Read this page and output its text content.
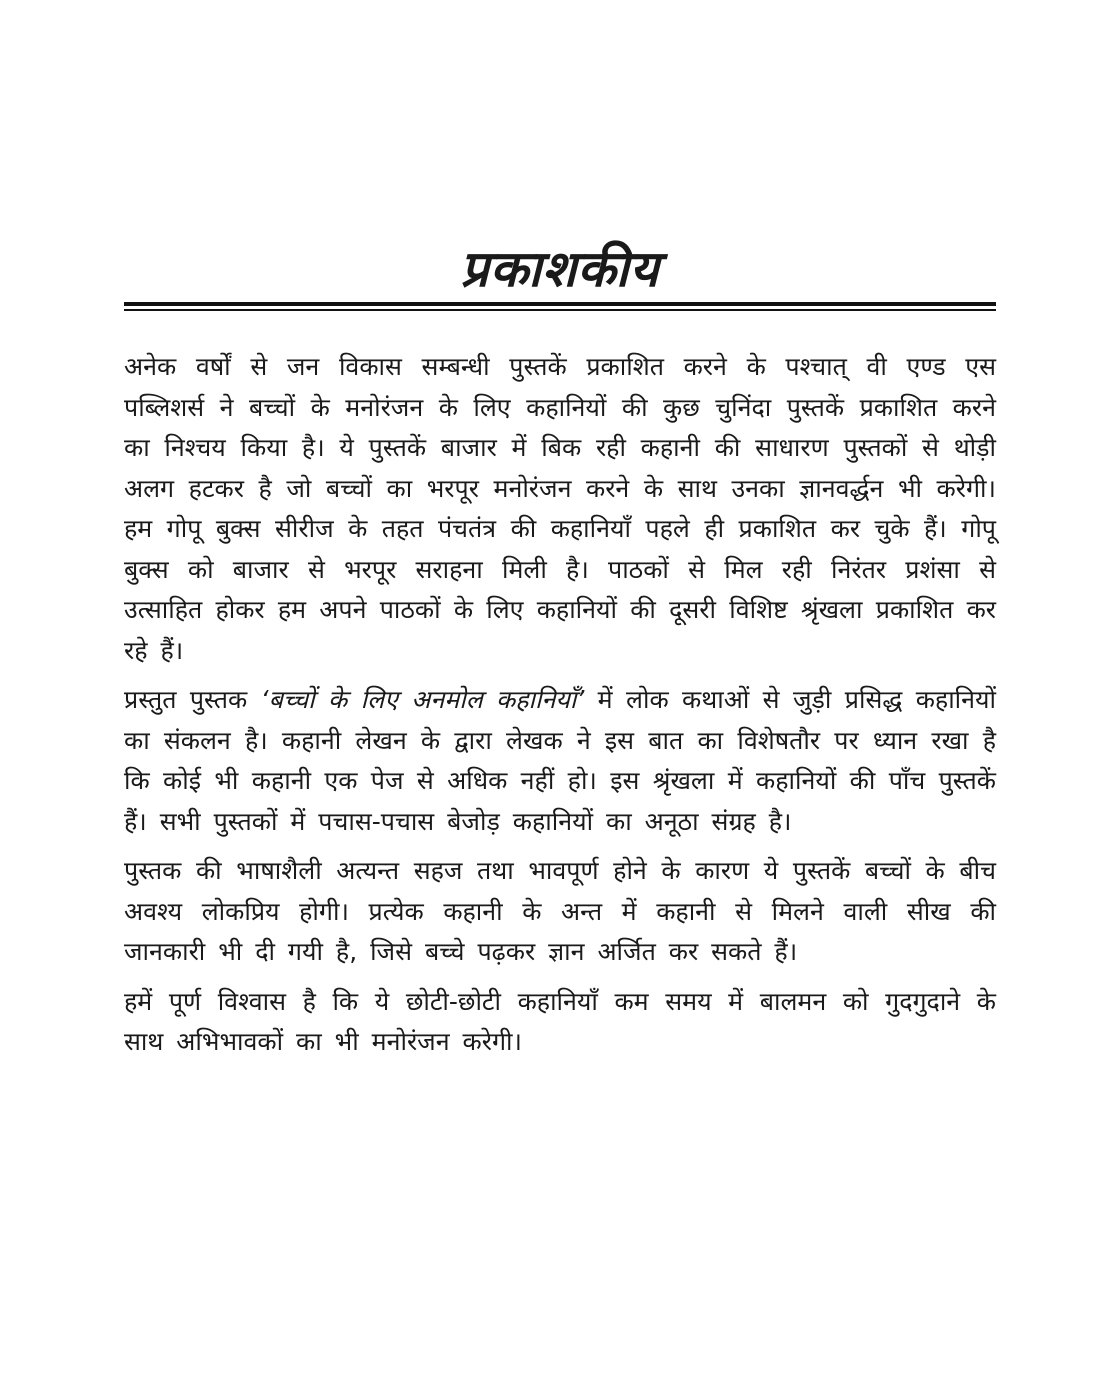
प्रकाशकीय

अनेक वर्षों से जन विकास सम्बन्धी पुस्तकें प्रकाशित करने के पश्चात् वी एण्ड एस पब्लिशर्स ने बच्चों के मनोरंजन के लिए कहानियों की कुछ चुनिंदा पुस्तकें प्रकाशित करने का निश्चय किया है। ये पुस्तकें बाजार में बिक रही कहानी की साधारण पुस्तकों से थोड़ी अलग हटकर है जो बच्चों का भरपूर मनोरंजन करने के साथ उनका ज्ञानवर्द्धन भी करेगी। हम गोपू बुक्स सीरीज के तहत पंचतंत्र की कहानियाँ पहले ही प्रकाशित कर चुके हैं। गोपू बुक्स को बाजार से भरपूर सराहना मिली है। पाठकों से मिल रही निरंतर प्रशंसा से उत्साहित होकर हम अपने पाठकों के लिए कहानियों की दूसरी विशिष्ट श्रृंखला प्रकाशित कर रहे हैं।

प्रस्तुत पुस्तक ‘बच्चों के लिए अनमोल कहानियाँ’ में लोक कथाओं से जुड़ी प्रसिद्ध कहानियों का संकलन है। कहानी लेखन के द्वारा लेखक ने इस बात का विशेषतौर पर ध्यान रखा है कि कोई भी कहानी एक पेज से अधिक नहीं हो। इस श्रृंखला में कहानियों की पाँच पुस्तकें हैं। सभी पुस्तकों में पचास-पचास बेजोड़ कहानियों का अनूठा संग्रह है।

पुस्तक की भाषाशैली अत्यन्त सहज तथा भावपूर्ण होने के कारण ये पुस्तकें बच्चों के बीच अवश्य लोकप्रिय होगी। प्रत्येक कहानी के अन्त में कहानी से मिलने वाली सीख की जानकारी भी दी गयी है, जिसे बच्चे पढ़कर ज्ञान अर्जित कर सकते हैं।

हमें पूर्ण विश्वास है कि ये छोटी-छोटी कहानियाँ कम समय में बालमन को गुदगुदाने के साथ अभिभावकों का भी मनोरंजन करेगी।
